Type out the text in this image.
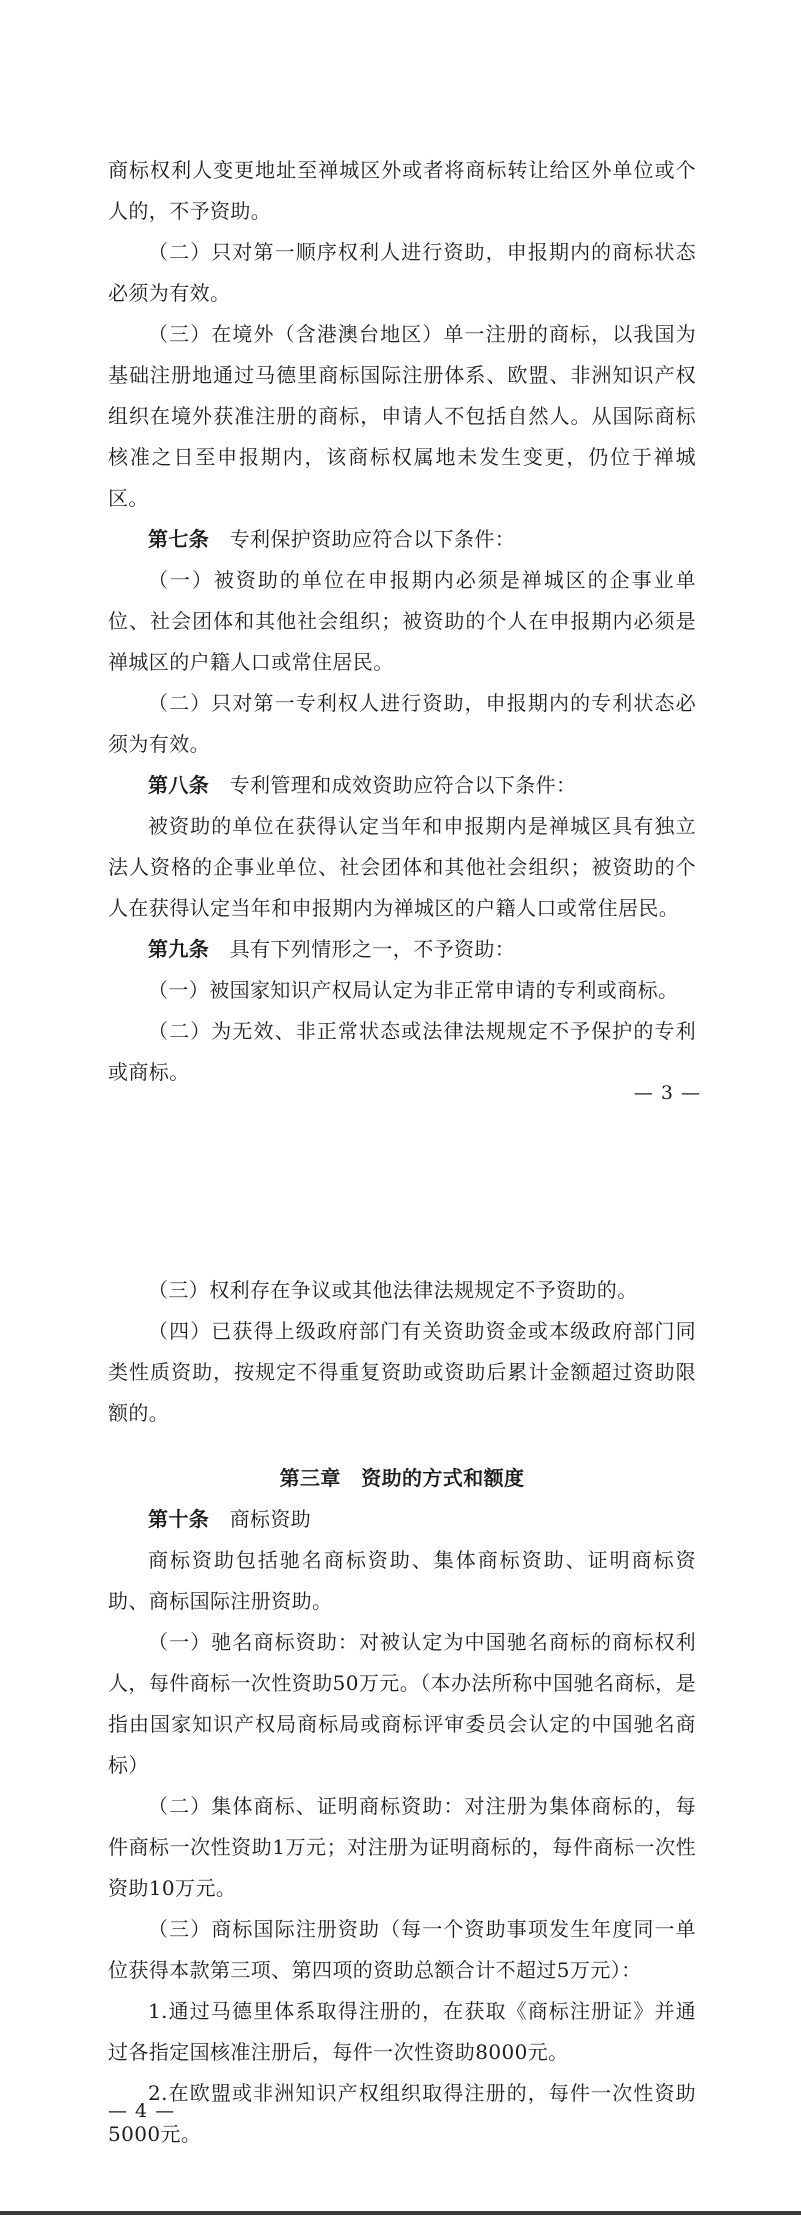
商标权利人变更地址至禅城区外或者将商标转让给区外单位或个人的，不予资助。

（二）只对第一顺序权利人进行资助，申报期内的商标状态必须为有效。

（三）在境外（含港澳台地区）单一注册的商标，以我国为基础注册地通过马德里商标国际注册体系、欧盟、非洲知识产权组织在境外获准注册的商标，申请人不包括自然人。从国际商标核准之日至申报期内，该商标权属地未发生变更，仍位于禅城区。

第七条　 专利保护资助应符合以下条件：

（一）被资助的单位在申报期内必须是禅城区的企事业单位、社会团体和其他社会组织；被资助的个人在申报期内必须是禅城区的户籍人口或常住居民。

（二）只对第一专利权人进行资助，申报期内的专利状态必须为有效。

第八条　 专利管理和成效资助应符合以下条件：

被资助的单位在获得认定当年和申报期内是禅城区具有独立法人资格的企事业单位、社会团体和其他社会组织；被资助的个人在获得认定当年和申报期内为禅城区的户籍人口或常住居民。

第九条　 具有下列情形之一，不予资助：

（一）被国家知识产权局认定为非正常申请的专利或商标。

（二）为无效、非正常状态或法律法规规定不予保护的专利或商标。

— 3 —

（三）权利存在争议或其他法律法规规定不予资助的。

（四）已获得上级政府部门有关资助资金或本级政府部门同类性质资助，按规定不得重复资助或资助后累计金额超过资助限额的。

第三章　资助的方式和额度

第十条　 商标资助

商标资助包括驰名商标资助、集体商标资助、证明商标资助、商标国际注册资助。

（一）驰名商标资助：对被认定为中国驰名商标的商标权利人，每件商标一次性资助50万元。（本办法所称中国驰名商标，是指由国家知识产权局商标局或商标评审委员会认定的中国驰名商标）

（二）集体商标、证明商标资助：对注册为集体商标的，每件商标一次性资助1万元；对注册为证明商标的，每件商标一次性资助10万元。

（三）商标国际注册资助（每一个资助事项发生年度同一单位获得本款第三项、第四项的资助总额合计不超过5万元）：

1.通过马德里体系取得注册的，在获取《商标注册证》并通过各指定国核准注册后，每件一次性资助8000元。

2.在欧盟或非洲知识产权组织取得注册的，每件一次性资助5000元。

— 4 —
